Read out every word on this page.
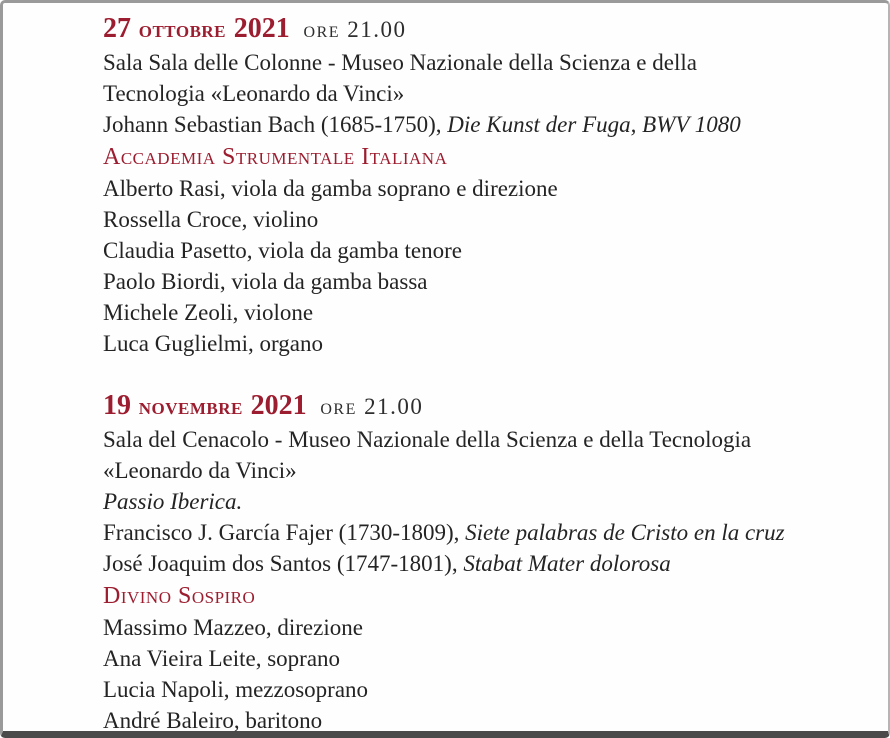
27 ottobre 2021 ore 21.00
Sala Sala delle Colonne - Museo Nazionale della Scienza e della
Tecnologia «Leonardo da Vinci»
Johann Sebastian Bach (1685-1750), Die Kunst der Fuga, BWV 1080
Accademia Strumentale Italiana
Alberto Rasi, viola da gamba soprano e direzione
Rossella Croce, violino
Claudia Pasetto, viola da gamba tenore
Paolo Biordi, viola da gamba bassa
Michele Zeoli, violone
Luca Guglielmi, organo
19 novembre 2021 ore 21.00
Sala del Cenacolo - Museo Nazionale della Scienza e della Tecnologia
«Leonardo da Vinci»
Passio Iberica.
Francisco J. García Fajer (1730-1809), Siete palabras de Cristo en la cruz
José Joaquim dos Santos (1747-1801), Stabat Mater dolorosa
Divino Sospiro
Massimo Mazzeo, direzione
Ana Vieira Leite, soprano
Lucia Napoli, mezzosoprano
André Baleiro, baritono
